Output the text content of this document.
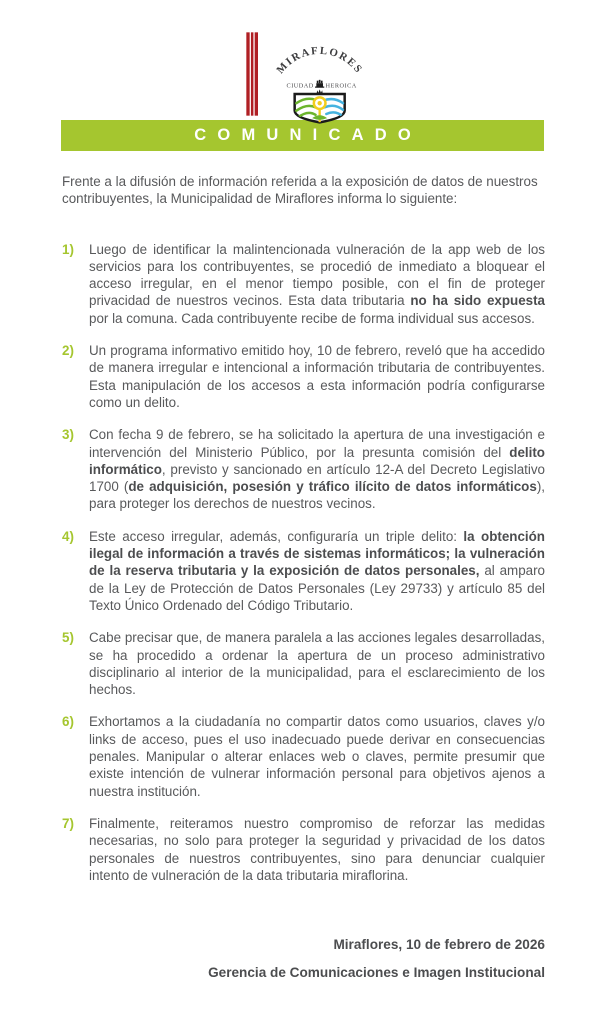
MIRAFLORES
CIUDAD HEROICA
COMUNICADO

Frente a la difusión de información referida a la exposición de datos de nuestros contribuyentes, la Municipalidad de Miraflores informa lo siguiente:

1)	Luego de identificar la malintencionada vulneración de la app web de los servicios para los contribuyentes, se procedió de inmediato a bloquear el acceso irregular, en el menor tiempo posible, con el fin de proteger privacidad de nuestros vecinos. Esta data tributaria no ha sido expuesta por la comuna. Cada contribuyente recibe de forma individual sus accesos.
2)	Un programa informativo emitido hoy, 10 de febrero, reveló que ha accedido de manera irregular e intencional a información tributaria de contribuyentes. Esta manipulación de los accesos a esta información podría configurarse como un delito.
3)	Con fecha 9 de febrero, se ha solicitado la apertura de una investigación e intervención del Ministerio Público, por la presunta comisión del delito informático, previsto y sancionado en artículo 12-A del Decreto Legislativo 1700 (de adquisición, posesión y tráfico ilícito de datos informáticos), para proteger los derechos de nuestros vecinos.
4)	Este acceso irregular, además, configuraría un triple delito: la obtención ilegal de información a través de sistemas informáticos; la vulneración de la reserva tributaria y la exposición de datos personales, al amparo de la Ley de Protección de Datos Personales (Ley 29733) y artículo 85 del Texto Único Ordenado del Código Tributario.
5)	Cabe precisar que, de manera paralela a las acciones legales desarrolladas, se ha procedido a ordenar la apertura de un proceso administrativo disciplinario al interior de la municipalidad, para el esclarecimiento de los hechos.
6)	Exhortamos a la ciudadanía no compartir datos como usuarios, claves y/o links de acceso, pues el uso inadecuado puede derivar en consecuencias penales. Manipular o alterar enlaces web o claves, permite presumir que existe intención de vulnerar información personal para objetivos ajenos a nuestra institución.
7)	Finalmente, reiteramos nuestro compromiso de reforzar las medidas necesarias, no solo para proteger la seguridad y privacidad de los datos personales de nuestros contribuyentes, sino para denunciar cualquier intento de vulneración de la data tributaria miraflorina.
Miraflores, 10 de febrero de 2026
Gerencia de Comunicaciones e Imagen Institucional
